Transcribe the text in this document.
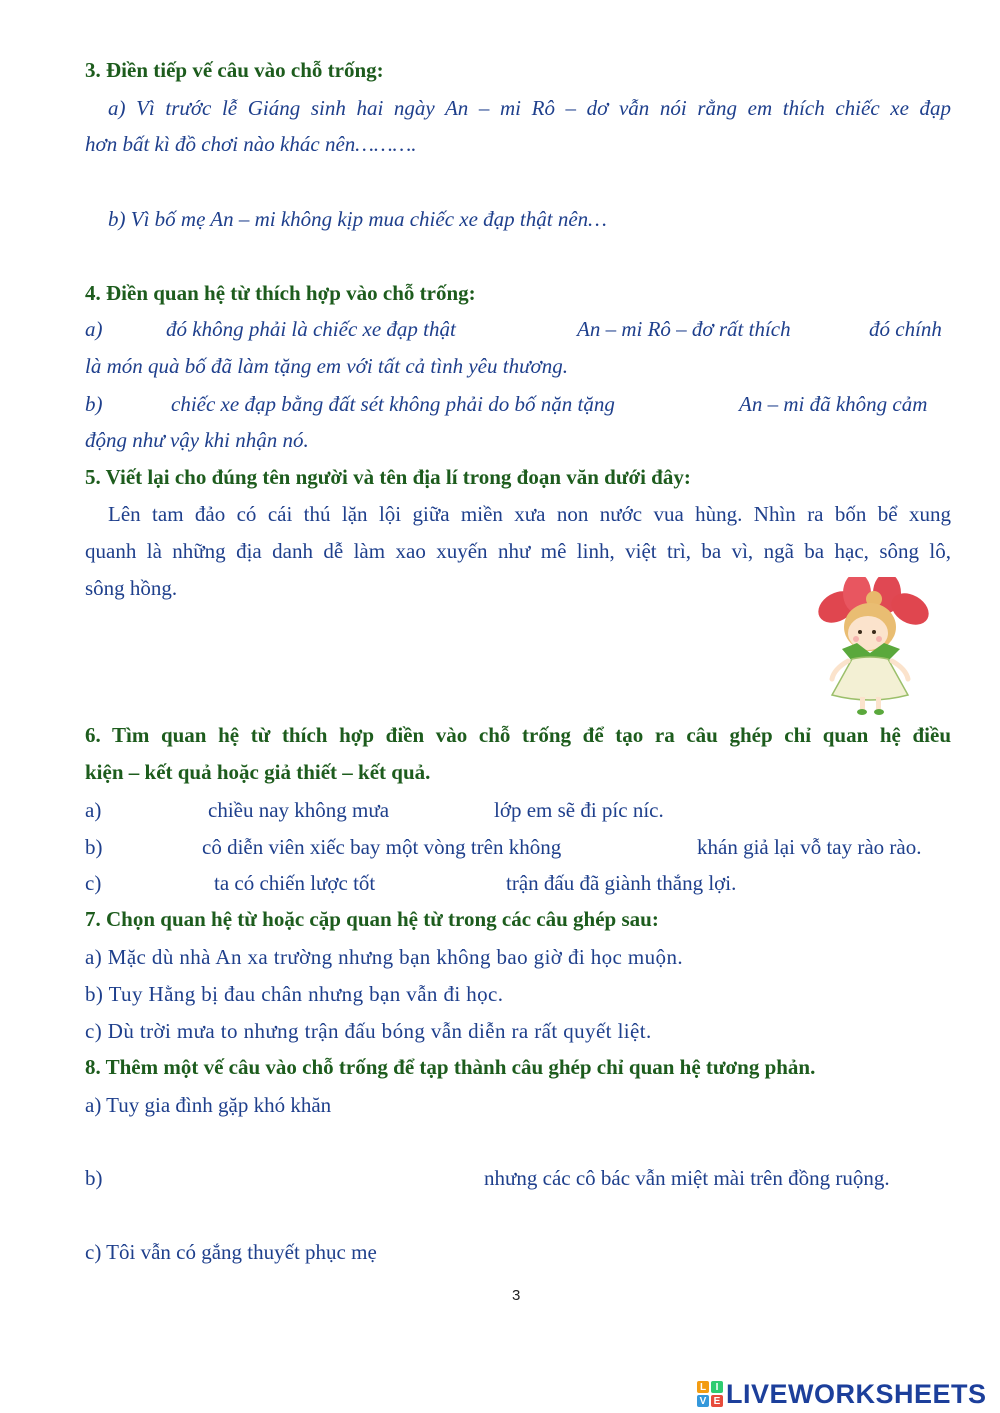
3. Điền tiếp vế câu vào chỗ trống:
a) Vì trước lễ Giáng sinh hai ngày An – mi Rô – dơ vẫn nói rằng em thích chiếc xe đạp
hơn bất kì đồ chơi nào khác nên……….
b) Vì bố mẹ An – mi không kịp mua chiếc xe đạp thật nên…
4. Điền quan hệ từ thích hợp vào chỗ trống:
a)	đó không phải là chiếc xe đạp thật	An – mi Rô – đơ rất thích	đó chính
là món quà bố đã làm tặng em với tất cả tình yêu thương.
b)	chiếc xe đạp bằng đất sét không phải do bố nặn tặng	An – mi đã không cảm
động như vậy khi nhận nó.
5. Viết lại cho đúng tên người và tên địa lí trong đoạn văn dưới đây:
Lên tam đảo có cái thú lặn lội giữa miền xưa non nước vua hùng. Nhìn ra bốn bể xung
quanh là những địa danh dễ làm xao xuyến như mê linh, việt trì, ba vì, ngã ba hạc, sông lô,
sông hồng.
6. Tìm quan hệ từ thích hợp điền vào chỗ trống để tạo ra câu ghép chỉ quan hệ điều
kiện – kết quả hoặc giả thiết – kết quả.
a)	chiều nay không mưa	lớp em sẽ đi píc níc.
b)	cô diễn viên xiếc bay một vòng trên không	khán giả lại vỗ tay rào rào.
c)	ta có chiến lược tốt	trận đấu đã giành thắng lợi.
7. Chọn quan hệ từ hoặc cặp quan hệ từ trong các câu ghép sau:
a) Mặc dù nhà An xa trường nhưng bạn không bao giờ đi học muộn.
b) Tuy Hằng bị đau chân nhưng bạn vẫn đi học.
c) Dù trời mưa to nhưng trận đấu bóng vẫn diễn ra rất quyết liệt.
8. Thêm một vế câu vào chỗ trống để tạp thành câu ghép chỉ quan hệ tương phản.
a) Tuy gia đình gặp khó khăn
b)	nhưng các cô bác vẫn miệt mài trên đồng ruộng.
c) Tôi vẫn có gắng thuyết phục mẹ
3
L I
V E LIVEWORKSHEETS
